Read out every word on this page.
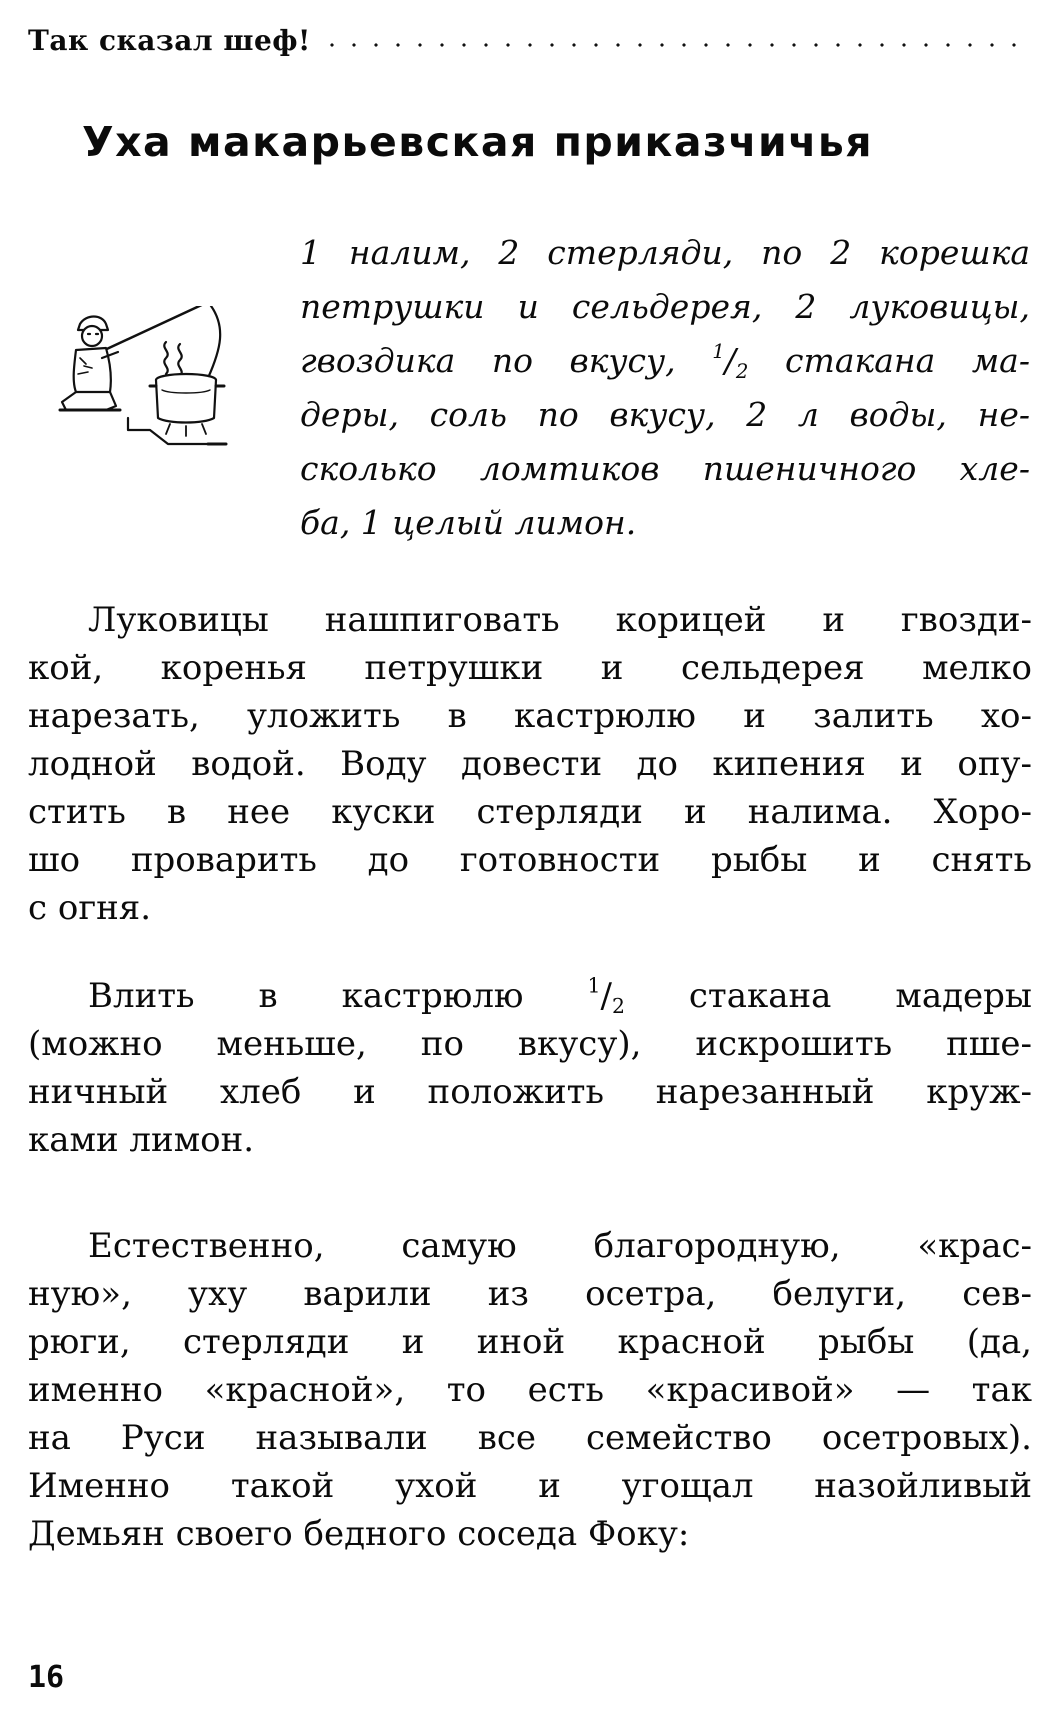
Так сказал шеф!
Уха макарьевская приказчичья
1 налим, 2 стерляди, по 2 корешка
петрушки и сельдерея, 2 луковицы,
гвоздика по вкусу, $^1/_2$ стакана ма-
деры, соль по вкусу, 2 л воды, не-
сколько ломтиков пшеничного хле-
ба, 1 целый лимон.
Луковицы нашпиговать корицей и гвозди-
кой, коренья петрушки и сельдерея мелко
нарезать, уложить в кастрюлю и залить хо-
лодной водой. Воду довести до кипения и опу-
стить в нее куски стерляди и налима. Хоро-
шо проварить до готовности рыбы и снять
с огня.
Влить в кастрюлю $^1/_2$ стакана мадеры
(можно меньше, по вкусу), искрошить пше-
ничный хлеб и положить нарезанный круж-
ками лимон.
Естественно, самую благородную, «крас-
ную», уху варили из осетра, белуги, сев-
рюги, стерляди и иной красной рыбы (да,
именно «красной», то есть «красивой» — так
на Руси называли все семейство осетровых).
Именно такой ухой и угощал назойливый
Демьян своего бедного соседа Фоку:
16
